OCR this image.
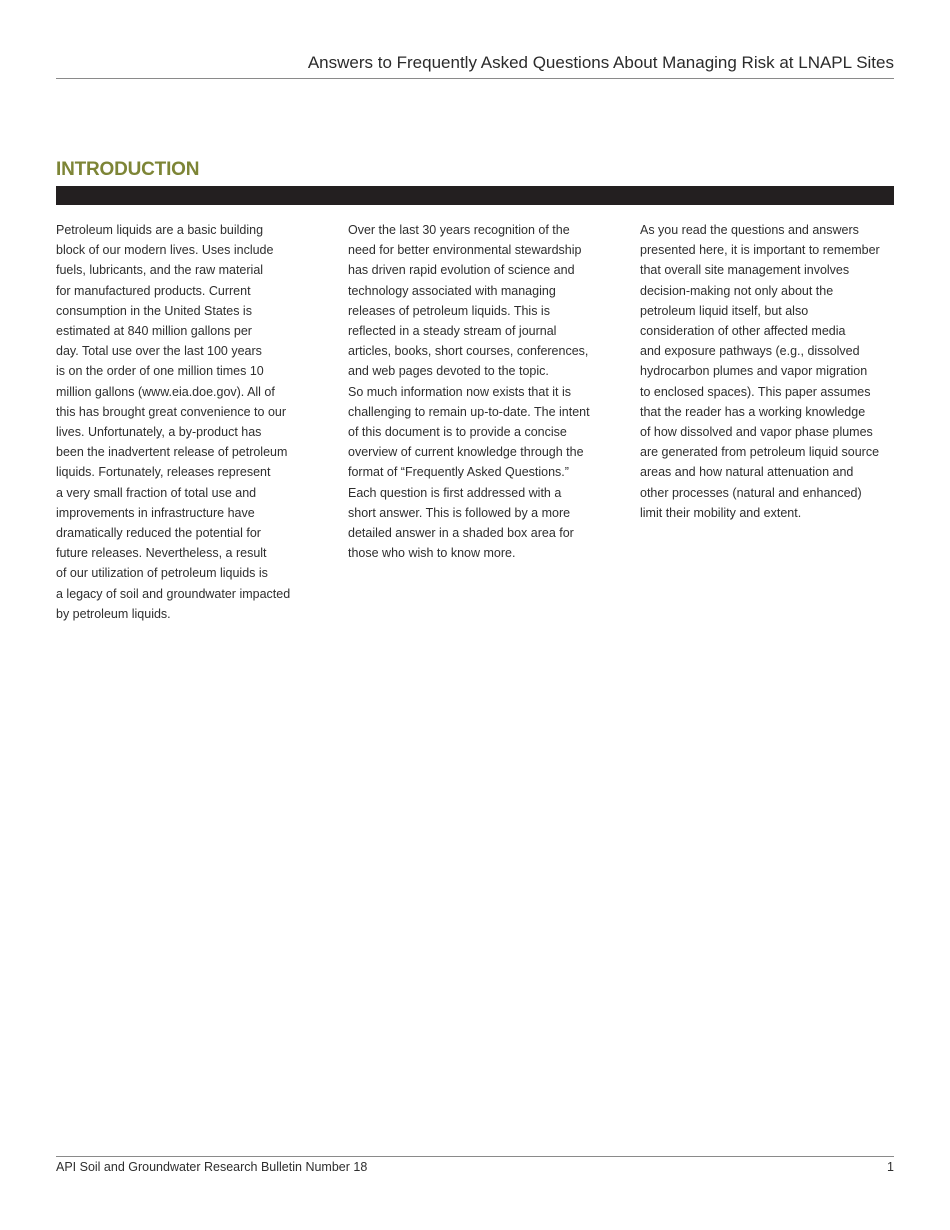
Answers to Frequently Asked Questions About Managing Risk at LNAPL Sites
INTRODUCTION
Petroleum liquids are a basic building
block of our modern lives. Uses include
fuels, lubricants, and the raw material
for manufactured products. Current
consumption in the United States is
estimated at 840 million gallons per
day. Total use over the last 100 years
is on the order of one million times 10
million gallons (www.eia.doe.gov). All of
this has brought great convenience to our
lives. Unfortunately, a by-product has
been the inadvertent release of petroleum
liquids. Fortunately, releases represent
a very small fraction of total use and
improvements in infrastructure have
dramatically reduced the potential for
future releases. Nevertheless, a result
of our utilization of petroleum liquids is
a legacy of soil and groundwater impacted
by petroleum liquids.
Over the last 30 years recognition of the
need for better environmental stewardship
has driven rapid evolution of science and
technology associated with managing
releases of petroleum liquids. This is
reflected in a steady stream of journal
articles, books, short courses, conferences,
and web pages devoted to the topic.
So much information now exists that it is
challenging to remain up-to-date. The intent
of this document is to provide a concise
overview of current knowledge through the
format of “Frequently Asked Questions.”
Each question is first addressed with a
short answer. This is followed by a more
detailed answer in a shaded box area for
those who wish to know more.
As you read the questions and answers
presented here, it is important to remember
that overall site management involves
decision-making not only about the
petroleum liquid itself, but also
consideration of other affected media
and exposure pathways (e.g., dissolved
hydrocarbon plumes and vapor migration
to enclosed spaces). This paper assumes
that the reader has a working knowledge
of how dissolved and vapor phase plumes
are generated from petroleum liquid source
areas and how natural attenuation and
other processes (natural and enhanced)
limit their mobility and extent.
API Soil and Groundwater Research Bulletin Number 18	1
